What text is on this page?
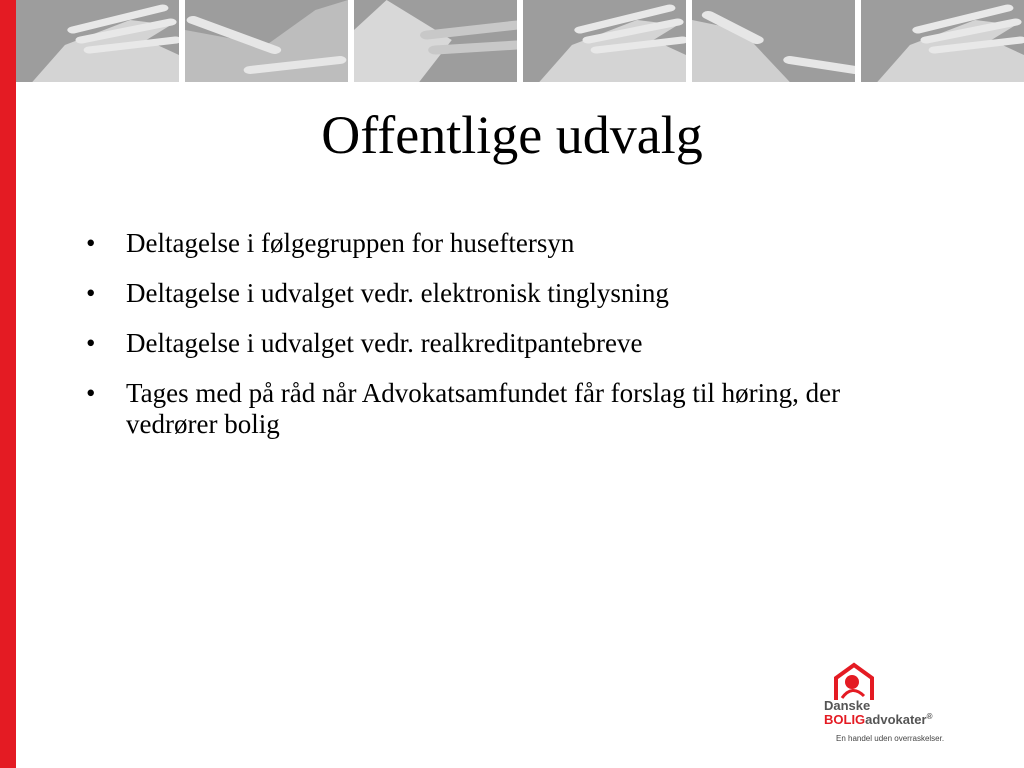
Offentlige udvalg
• Deltagelse i følgegruppen for huseftersyn
• Deltagelse i udvalget vedr. elektronisk tinglysning
• Deltagelse i udvalget vedr. realkreditpantebreve
• Tages med på råd når Advokatsamfundet får forslag til høring, der vedrører bolig
Danske
BOLIGadvokater®
En handel uden overraskelser.
